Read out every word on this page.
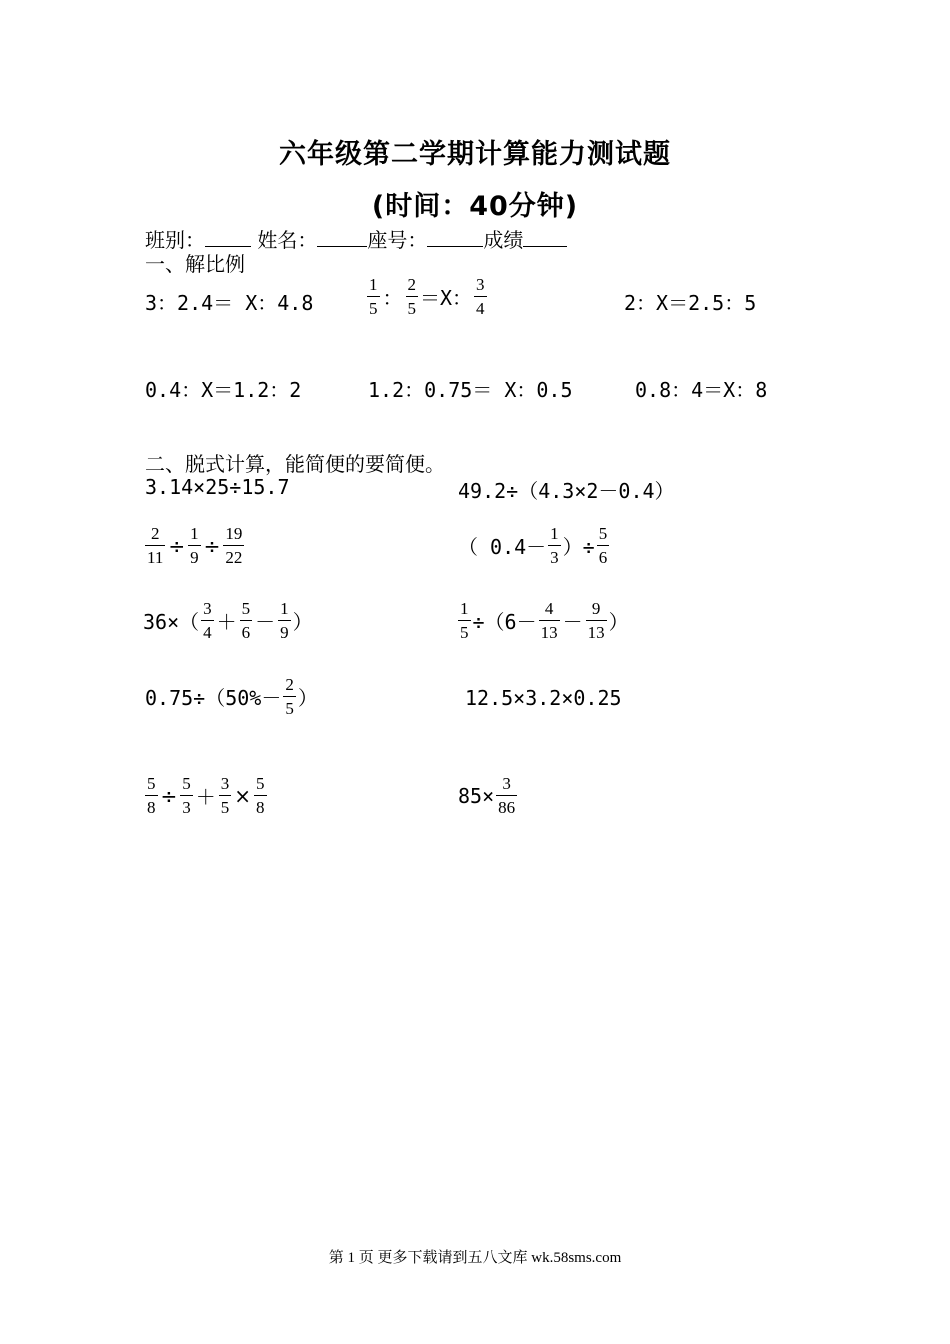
六年级第二学期计算能力测试题
(时间：40分钟)
班别：	姓名：	座号：	成绩
一、解比例
3：2.4＝ X：4.8	$\frac{1}{5}$ ： $\frac{2}{5} =X$： $\frac{3}{4}$	2：X＝2.5：5
0.4：X＝1.2：2	1.2：0.75＝ X：0.5	0.8：4＝X：8
二、脱式计算，能简便的要简便。
3.14×25÷15.7	49.2÷（4.3×2－0.4）
$\frac{2}{11} \div \frac{1}{9} \div \frac{19}{22}$	（ $0.4- \frac{1}{3}$ ）÷ $\frac{5}{6}$
$36\times( \frac{3}{4} + \frac{5}{6} - \frac{1}{9}$ ）	$\frac{1}{5} \div(6- \frac{4}{13} - \frac{9}{13}$ ）
$0.75\div(50\%- \frac{2}{5}$ ）	12.5×3.2×0.25
$\frac{5}{8} \div \frac{5}{3} + \frac{3}{5} \times \frac{5}{8}$	$85\times \frac{3}{86}$
第 1 页 更多下载请到五八文库 wk.58sms.com
